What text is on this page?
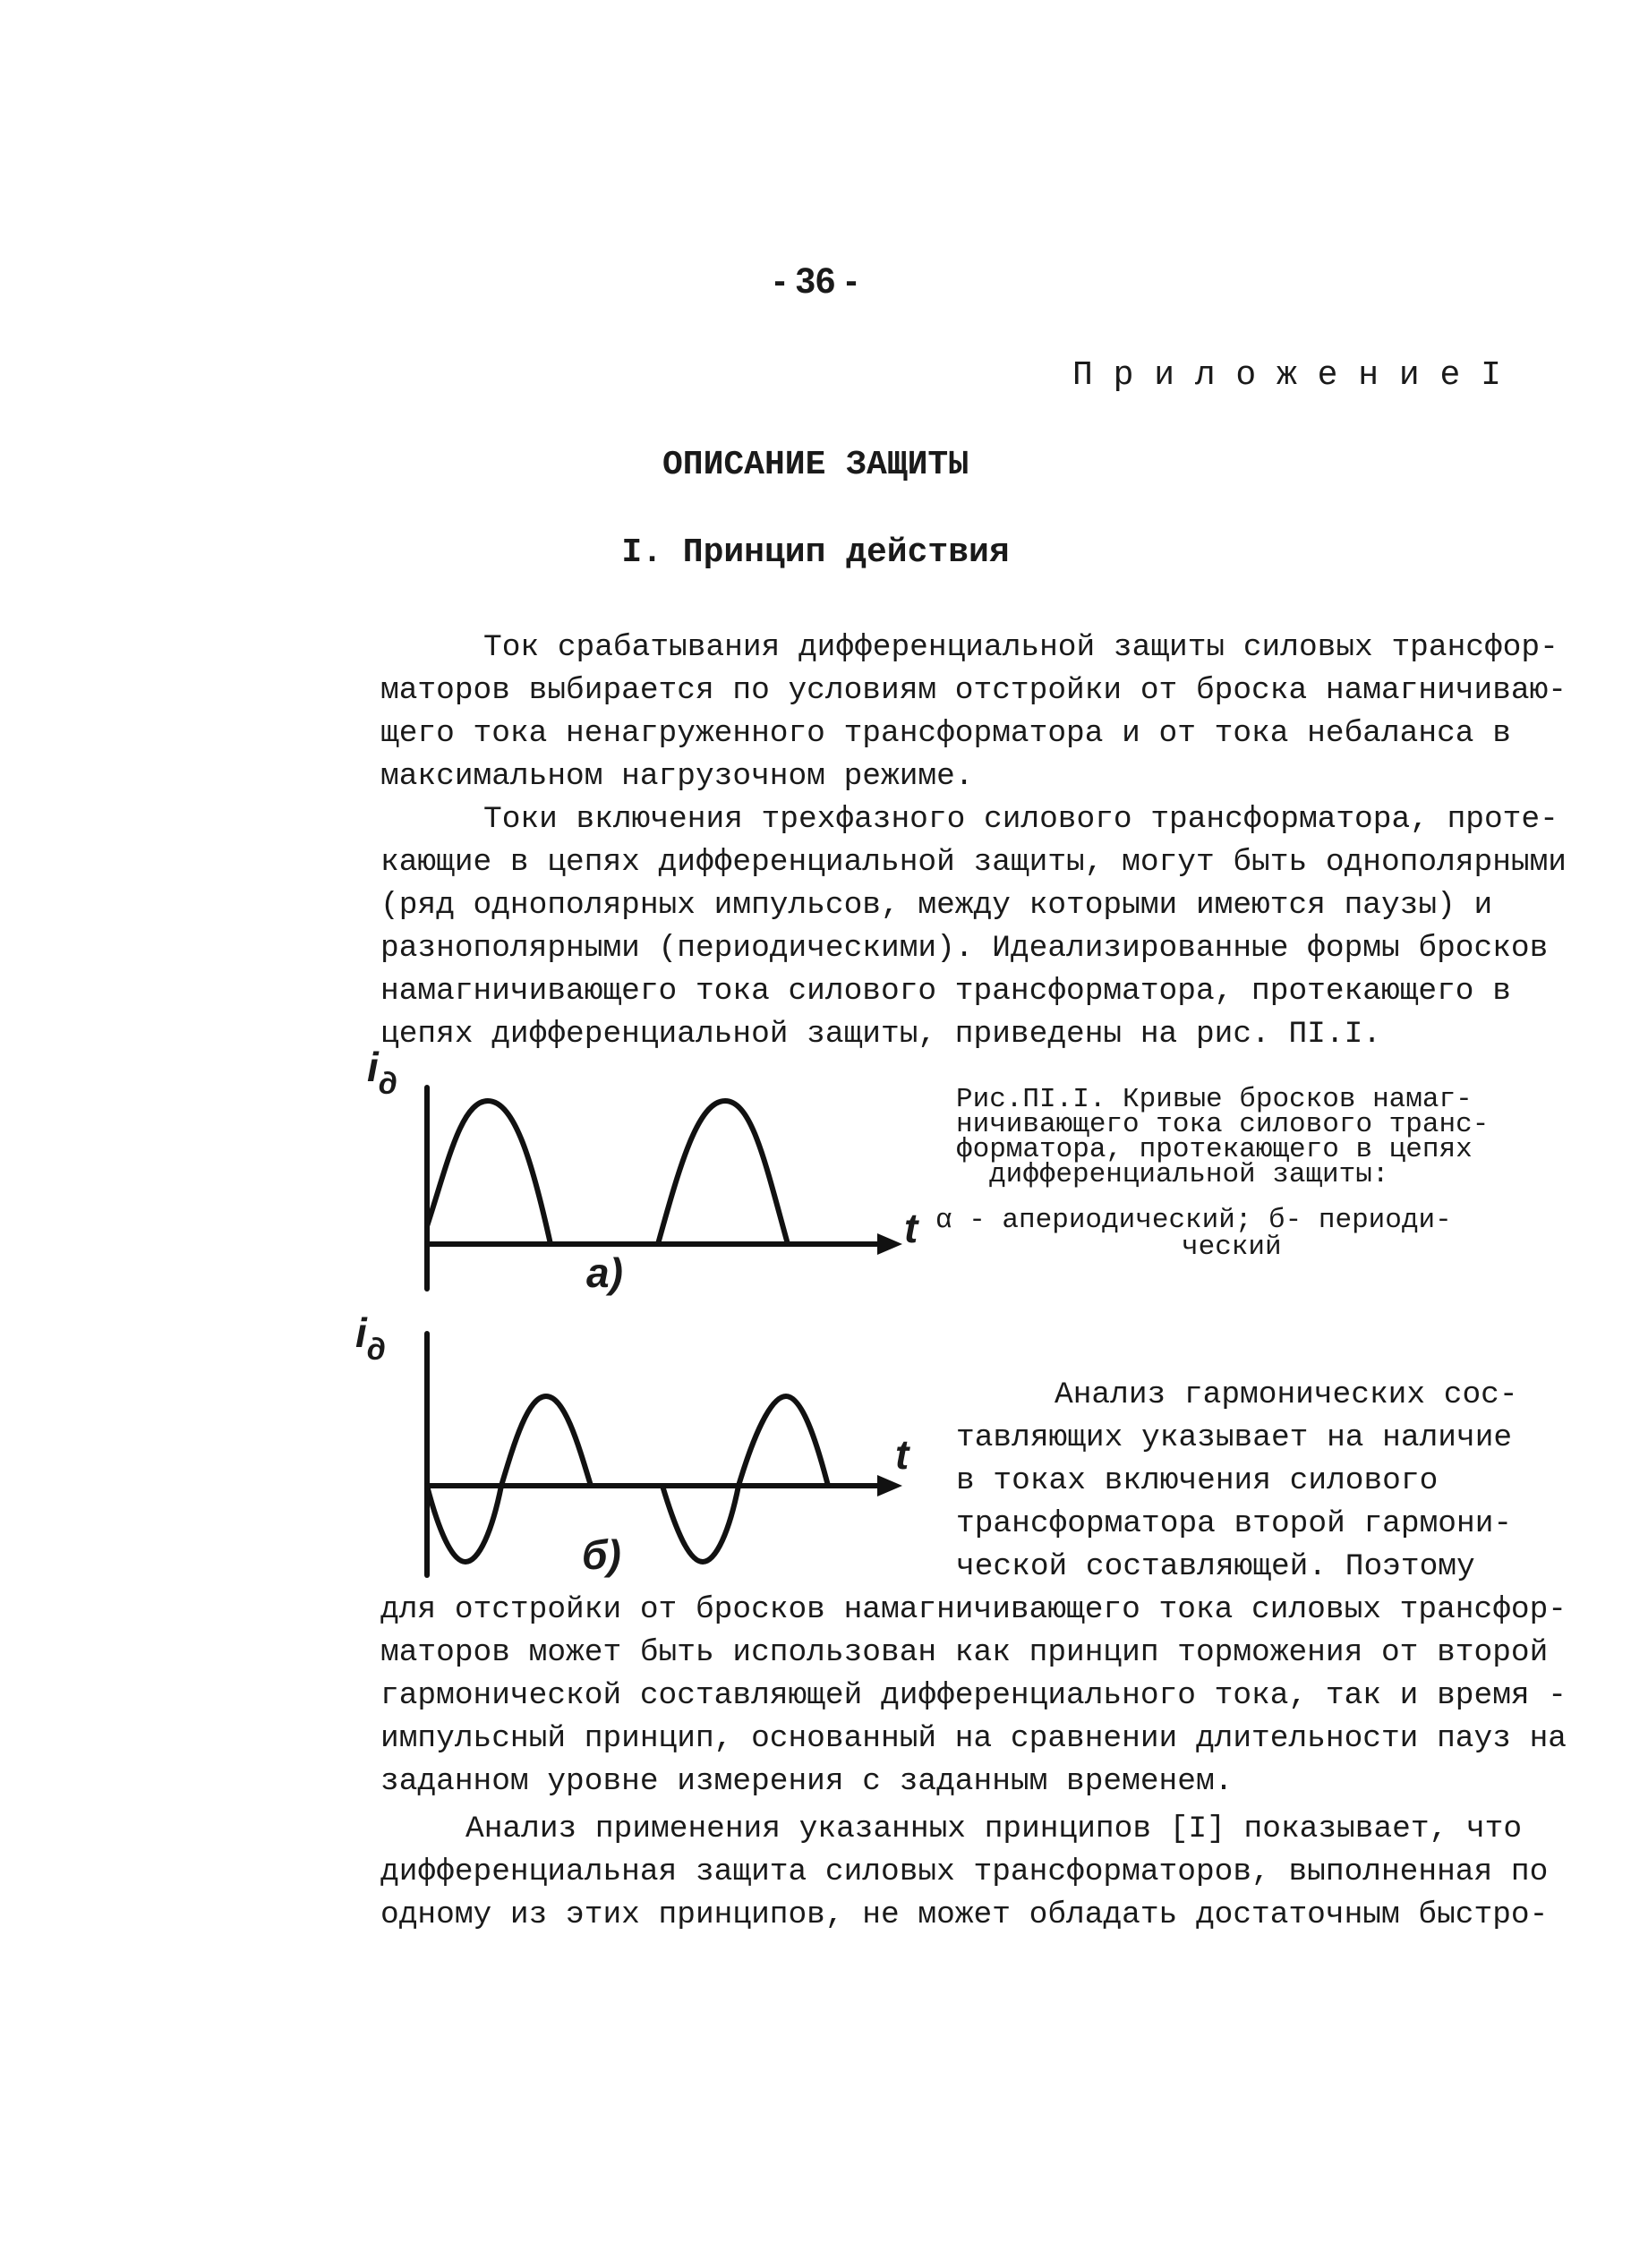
- 36 -
П р и л о ж е н и е I
ОПИСАНИЕ ЗАЩИТЫ
I. Принцип действия
Ток срабатывания дифференциальной защиты силовых трансфор-
маторов выбирается по условиям отстройки от броска намагничиваю-
щего тока ненагруженного трансформатора и от тока небаланса в
максимальном нагрузочном режиме.
Токи включения трехфазного силового трансформатора, проте-
кающие в цепях дифференциальной защиты, могут быть однополярными
(ряд однополярных импульсов, между которыми имеются паузы) и
разнополярными (периодическими). Идеализированные формы бросков
намагничивающего тока силового трансформатора, протекающего в
цепях дифференциальной защиты, приведены на рис. ПI.I.
$i_д$
t
а)
$i_д$
t
б)
Рис.ПI.I. Кривые бросков намаг-
ничивающего тока силового транс-
форматора, протекающего в цепях
дифференциальной защиты:
α - апериодический; б- периоди-
ческий
Анализ гармонических сос-
тавляющих указывает на наличие
в токах включения силового
трансформатора второй гармони-
ческой составляющей. Поэтому
для отстройки от бросков намагничивающего тока силовых трансфор-
маторов может быть использован как принцип торможения от второй
гармонической составляющей дифференциального тока, так и время -
импульсный принцип, основанный на сравнении длительности пауз на
заданном уровне измерения с заданным временем.
Анализ применения указанных принципов [I] показывает, что
дифференциальная защита силовых трансформаторов, выполненная по
одному из этих принципов, не может обладать достаточным быстро-
